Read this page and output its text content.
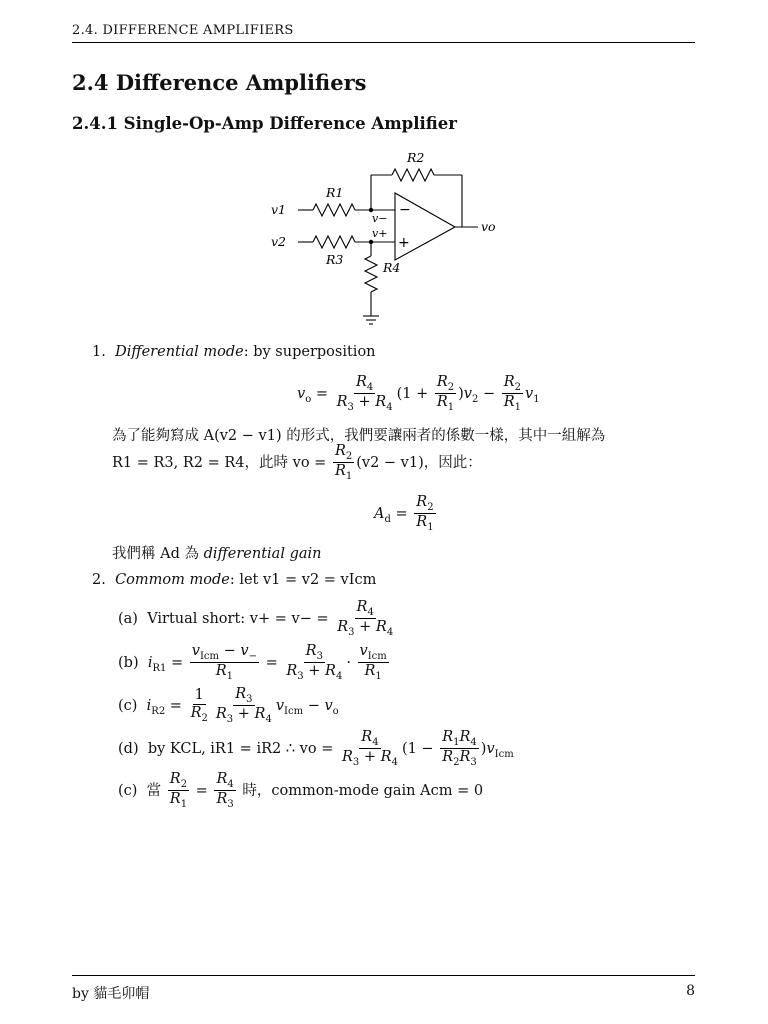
2.4. DIFFERENCE AMPLIFIERS
2.4 Difference Amplifiers
2.4.1 Single-Op-Amp Difference Amplifier
v1
v2
vo
R1
R2
R3
R4
v−
v+
−
+
1. Differential mode: by superposition
$v_o = \frac{R_4}{R_3 + R_4} (1 + \frac{R_2}{R_1} )v_2 - \frac{R_2}{R_1} v_1$
為了能夠寫成 A(v2 − v1) 的形式，我們要讓兩者的係數一樣，其中一組解為
R1 = R3, R2 = R4，此時 vo = $\frac{R_2}{R_1} (v2 - v1)$，因此：
$A_d = \frac{R_2}{R_1}$
我們稱 Ad 為 differential gain
2. Commom mode: let v1 = v2 = vIcm
(a) Virtual short: $v+ = v- = \frac{R_4}{R_3 + R_4}$
(b) $i_{R1} = \frac{v_{Icm} - v_-}{R_1} = \frac{R_3}{R_3 + R_4} \cdot \frac{v_{Icm}}{R_1}$
(c) $i_{R2} = \frac{1}{R_2} \frac{R_3}{R_3 + R_4} v_{Icm} - v_o$
(d) by KCL, iR1 = iR2 ∴ vo = $\frac{R_4}{R_3 + R_4} (1 - \frac{R_1R_4}{R_2R_3} )v_{Icm}$
(c) 當 $\frac{R_2}{R_1} = \frac{R_4}{R_3}$ 時，common-mode gain Acm = 0
by 貓毛卯帽	8
